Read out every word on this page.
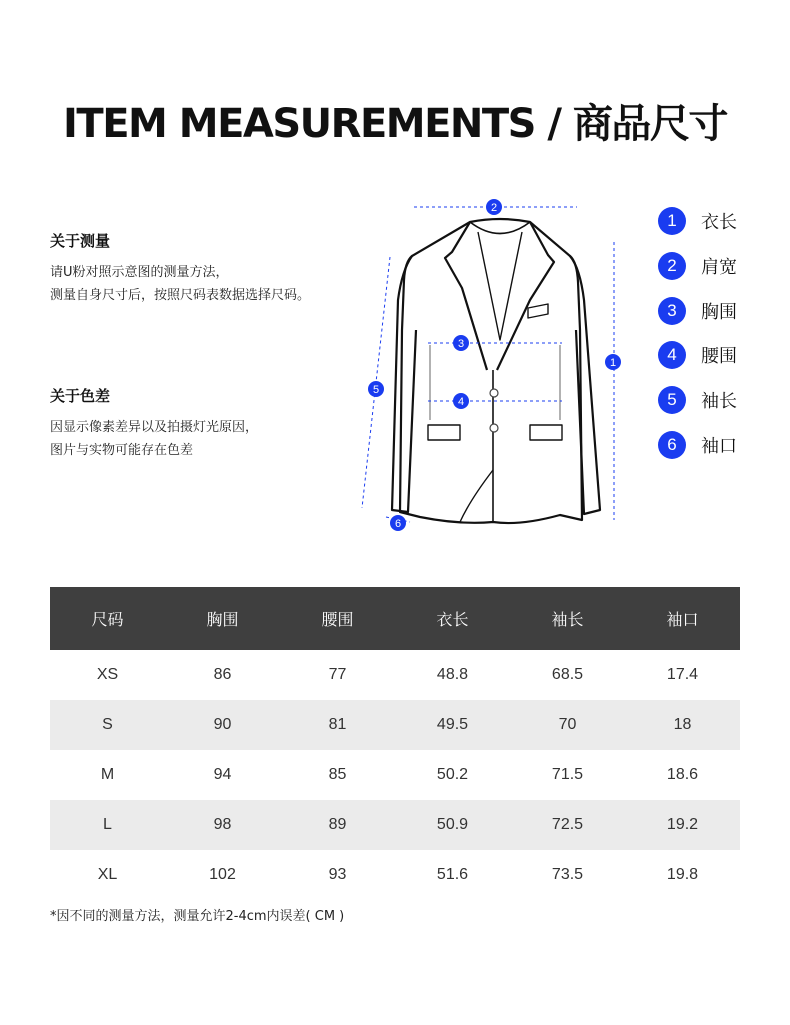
ITEM MEASUREMENTS / 商品尺寸
关于测量
请U粉对照示意图的测量方法，
测量自身尺寸后，按照尺码表数据选择尺码。
关于色差
因显示像素差异以及拍摄灯光原因，
图片与实物可能存在色差
2
1
3
4
5
6
1	衣长
2	肩宽
3	胸围
4	腰围
5	袖长
6	袖口
尺码	胸围	腰围	衣长	袖长	袖口
XS	86	77	48.8	68.5	17.4
S	90	81	49.5	70	18
M	94	85	50.2	71.5	18.6
L	98	89	50.9	72.5	19.2
XL	102	93	51.6	73.5	19.8
*因不同的测量方法，测量允许2-4cm内误差( CM )
